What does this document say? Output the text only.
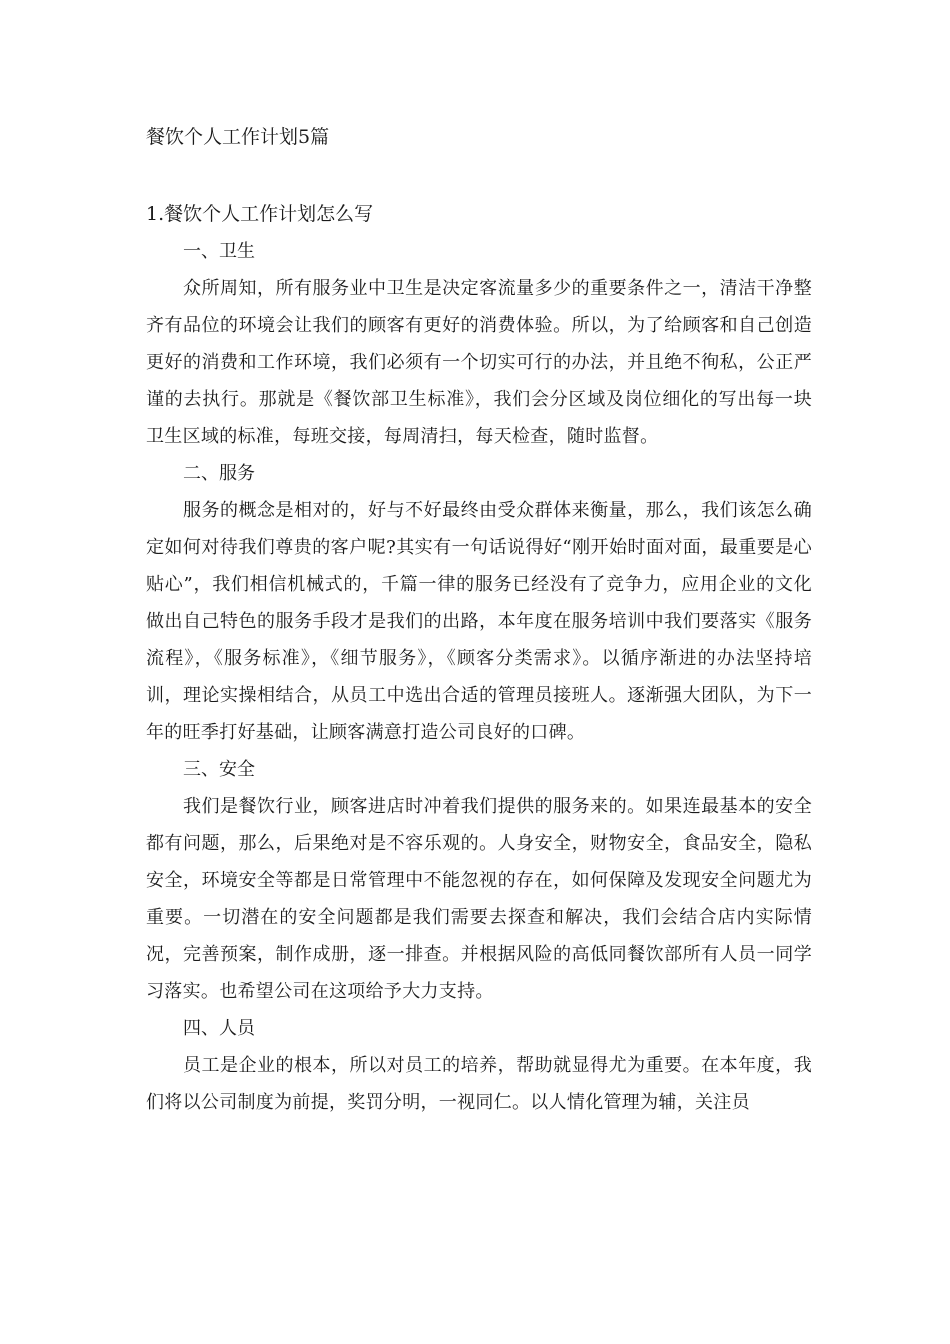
餐饮个人工作计划5篇

1.餐饮个人工作计划怎么写

一、卫生

众所周知，所有服务业中卫生是决定客流量多少的重要条件之一，清洁干净整齐有品位的环境会让我们的顾客有更好的消费体验。所以，为了给顾客和自己创造更好的消费和工作环境，我们必须有一个切实可行的办法，并且绝不徇私，公正严谨的去执行。那就是《餐饮部卫生标准》，我们会分区域及岗位细化的写出每一块卫生区域的标准，每班交接，每周清扫，每天检查，随时监督。

二、服务

服务的概念是相对的，好与不好最终由受众群体来衡量，那么，我们该怎么确定如何对待我们尊贵的客户呢?其实有一句话说得好“刚开始时面对面，最重要是心贴心”，我们相信机械式的，千篇一律的服务已经没有了竞争力，应用企业的文化做出自己特色的服务手段才是我们的出路，本年度在服务培训中我们要落实《服务流程》，《服务标准》，《细节服务》，《顾客分类需求》。以循序渐进的办法坚持培训，理论实操相结合，从员工中选出合适的管理员接班人。逐渐强大团队，为下一年的旺季打好基础，让顾客满意打造公司良好的口碑。

三、安全

我们是餐饮行业，顾客进店时冲着我们提供的服务来的。如果连最基本的安全都有问题，那么，后果绝对是不容乐观的。人身安全，财物安全，食品安全，隐私安全，环境安全等都是日常管理中不能忽视的存在，如何保障及发现安全问题尤为重要。一切潜在的安全问题都是我们需要去探查和解决，我们会结合店内实际情况，完善预案，制作成册，逐一排查。并根据风险的高低同餐饮部所有人员一同学习落实。也希望公司在这项给予大力支持。

四、人员

员工是企业的根本，所以对员工的培养，帮助就显得尤为重要。在本年度，我们将以公司制度为前提，奖罚分明，一视同仁。以人情化管理为辅，关注员
